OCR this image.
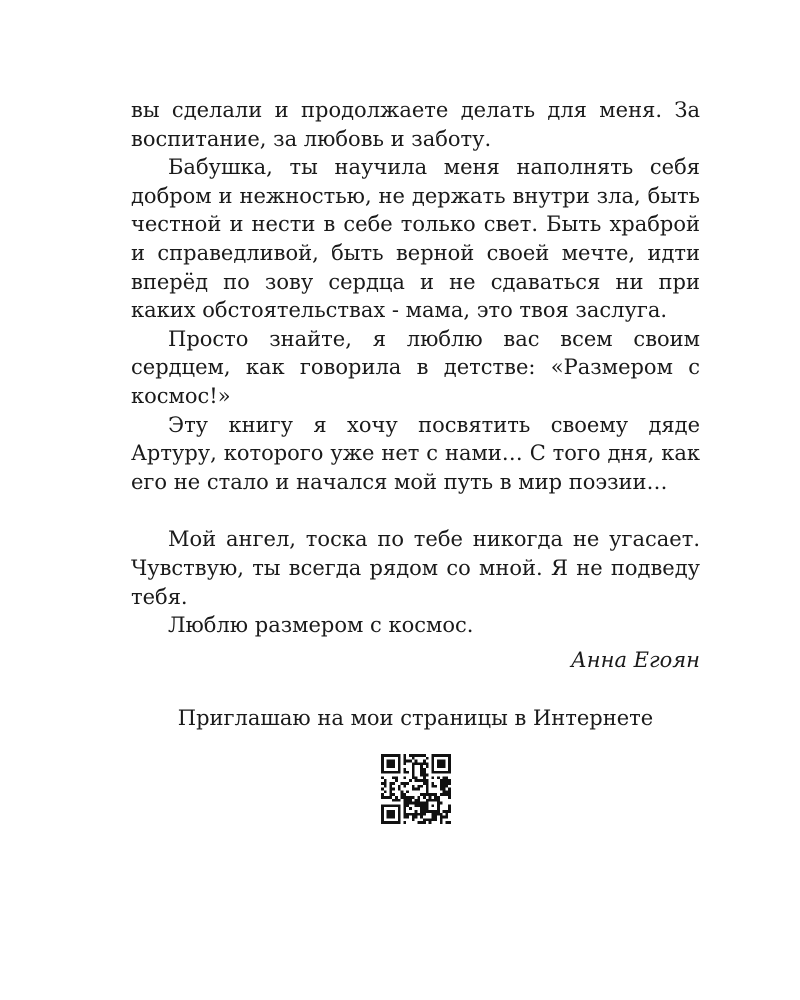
вы сделали и продолжаете делать для меня. За воспитание, за любовь и заботу.

Бабушка, ты научила меня наполнять себя добром и нежностью, не держать внутри зла, быть честной и нести в себе только свет. Быть храброй и справедливой, быть верной своей мечте, идти вперёд по зову сердца и не сдаваться ни при каких обстоятельствах - мама, это твоя заслуга.

Просто знайте, я люблю вас всем своим сердцем, как говорила в детстве: «Размером с космос!»

Эту книгу я хочу посвятить своему дяде Артуру, которого уже нет с нами… С того дня, как его не стало и начался мой путь в мир поэзии…

Мой ангел, тоска по тебе никогда не угасает. Чувствую, ты всегда рядом со мной. Я не подведу тебя.

Люблю размером с космос.

Анна Егоян

Приглашаю на мои страницы в Интернете
